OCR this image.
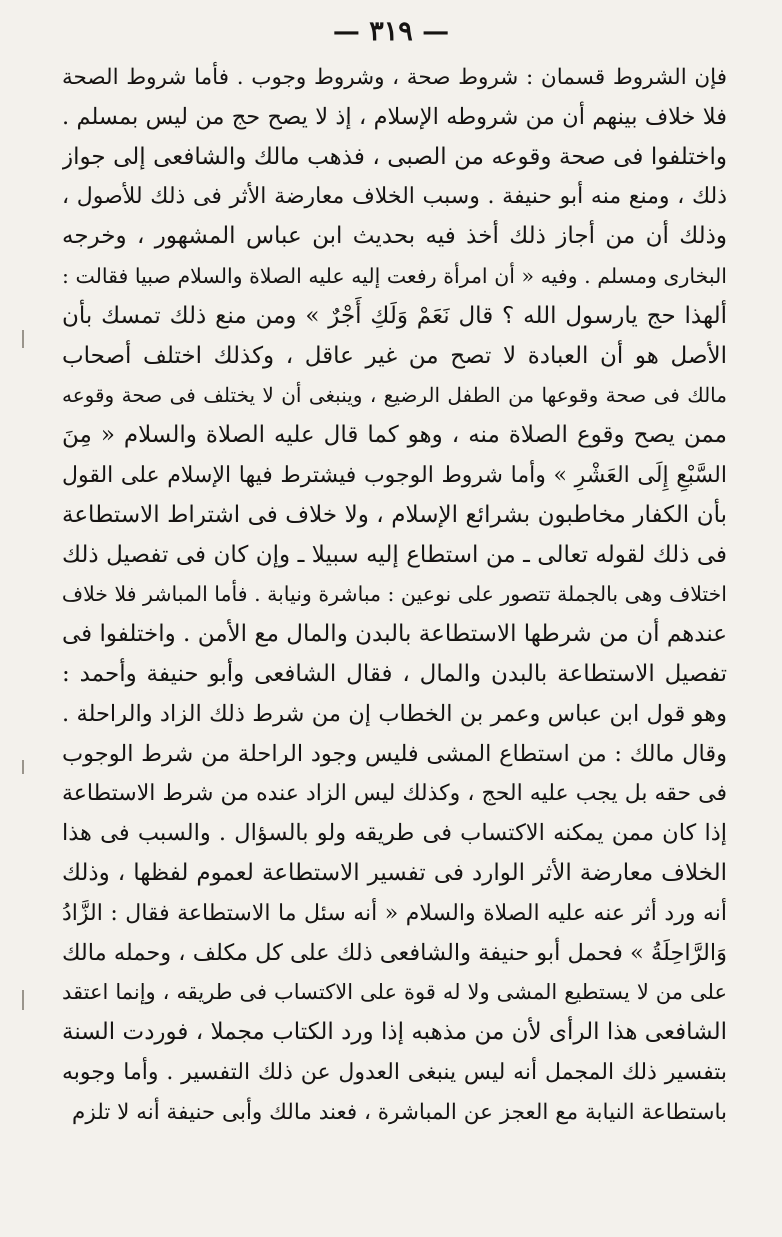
— ٣١٩ —
فإن الشروط قسمان : شروط صحة ، وشروط وجوب . فأما شروط الصحة
فلا خلاف بينهم أن من شروطه الإسلام ، إذ لا يصح حج من ليس بمسلم .
واختلفوا فى صحة وقوعه من الصبى ، فذهب مالك والشافعى إلى جواز
ذلك ، ومنع منه أبو حنيفة . وسبب الخلاف معارضة الأثر فى ذلك للأصول ،
وذلك أن من أجاز ذلك أخذ فيه بحديث ابن عباس المشهور ، وخرجه
البخارى ومسلم . وفيه « أن امرأة رفعت إليه عليه الصلاة والسلام صبيا فقالت :
ألهذا حج يارسول الله ؟ قال نَعَمْ وَلَكِ أَجْرٌ » ومن منع ذلك تمسك بأن
الأصل هو أن العبادة لا تصح من غير عاقل ، وكذلك اختلف أصحاب
مالك فى صحة وقوعها من الطفل الرضيع ، وينبغى أن لا يختلف فى صحة وقوعه
ممن يصح وقوع الصلاة منه ، وهو كما قال عليه الصلاة والسلام « مِنَ
السَّبْعِ إِلَى العَشْرِ » وأما شروط الوجوب فيشترط فيها الإسلام على القول
بأن الكفار مخاطبون بشرائع الإسلام ، ولا خلاف فى اشتراط الاستطاعة
فى ذلك لقوله تعالى ـ من استطاع إليه سبيلا ـ وإن كان فى تفصيل ذلك
اختلاف وهى بالجملة تتصور على نوعين : مباشرة ونيابة . فأما المباشر فلا خلاف
عندهم أن من شرطها الاستطاعة بالبدن والمال مع الأمن . واختلفوا فى
تفصيل الاستطاعة بالبدن والمال ، فقال الشافعى وأبو حنيفة وأحمد :
وهو قول ابن عباس وعمر بن الخطاب إن من شرط ذلك الزاد والراحلة .
وقال مالك : من استطاع المشى فليس وجود الراحلة من شرط الوجوب
فى حقه بل يجب عليه الحج ، وكذلك ليس الزاد عنده من شرط الاستطاعة
إذا كان ممن يمكنه الاكتساب فى طريقه ولو بالسؤال . والسبب فى هذا
الخلاف معارضة الأثر الوارد فى تفسير الاستطاعة لعموم لفظها ، وذلك
أنه ورد أثر عنه عليه الصلاة والسلام « أنه سئل ما الاستطاعة فقال : الزَّادُ
وَالرَّاحِلَةُ » فحمل أبو حنيفة والشافعى ذلك على كل مكلف ، وحمله مالك
على من لا يستطيع المشى ولا له قوة على الاكتساب فى طريقه ، وإنما اعتقد
الشافعى هذا الرأى لأن من مذهبه إذا ورد الكتاب مجملا ، فوردت السنة
بتفسير ذلك المجمل أنه ليس ينبغى العدول عن ذلك التفسير . وأما وجوبه
باستطاعة النيابة مع العجز عن المباشرة ، فعند مالك وأبى حنيفة أنه لا تلزم
